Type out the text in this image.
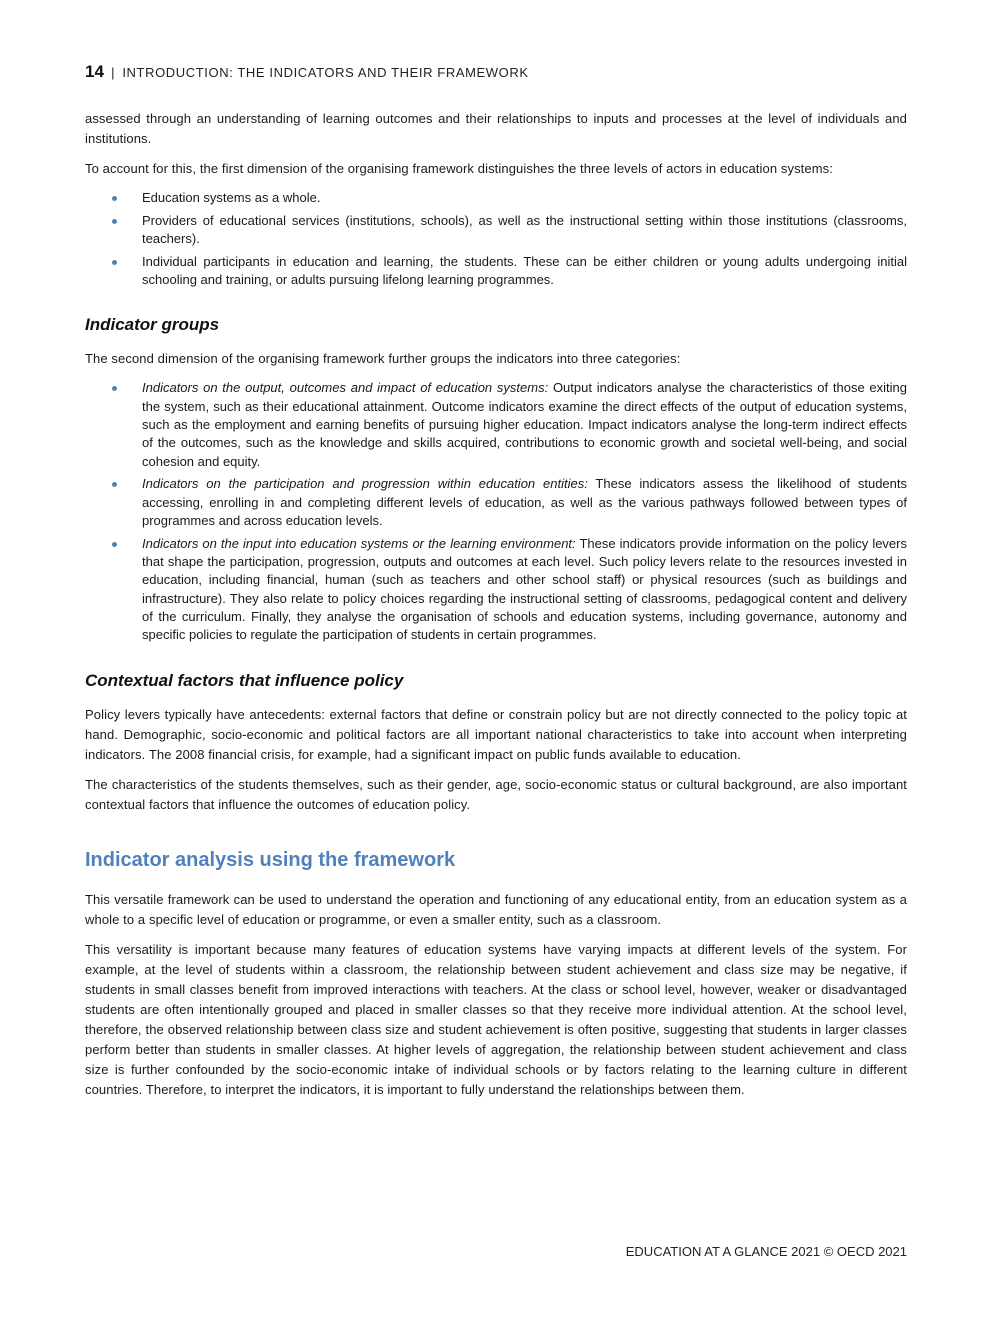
14 | INTRODUCTION: THE INDICATORS AND THEIR FRAMEWORK

assessed through an understanding of learning outcomes and their relationships to inputs and processes at the level of individuals and institutions.

To account for this, the first dimension of the organising framework distinguishes the three levels of actors in education systems:

Education systems as a whole.
Providers of educational services (institutions, schools), as well as the instructional setting within those institutions (classrooms, teachers).
Individual participants in education and learning, the students. These can be either children or young adults undergoing initial schooling and training, or adults pursuing lifelong learning programmes.
Indicator groups

The second dimension of the organising framework further groups the indicators into three categories:

Indicators on the output, outcomes and impact of education systems: Output indicators analyse the characteristics of those exiting the system, such as their educational attainment. Outcome indicators examine the direct effects of the output of education systems, such as the employment and earning benefits of pursuing higher education. Impact indicators analyse the long-term indirect effects of the outcomes, such as the knowledge and skills acquired, contributions to economic growth and societal well-being, and social cohesion and equity.
Indicators on the participation and progression within education entities: These indicators assess the likelihood of students accessing, enrolling in and completing different levels of education, as well as the various pathways followed between types of programmes and across education levels.
Indicators on the input into education systems or the learning environment: These indicators provide information on the policy levers that shape the participation, progression, outputs and outcomes at each level. Such policy levers relate to the resources invested in education, including financial, human (such as teachers and other school staff) or physical resources (such as buildings and infrastructure). They also relate to policy choices regarding the instructional setting of classrooms, pedagogical content and delivery of the curriculum. Finally, they analyse the organisation of schools and education systems, including governance, autonomy and specific policies to regulate the participation of students in certain programmes.
Contextual factors that influence policy

Policy levers typically have antecedents: external factors that define or constrain policy but are not directly connected to the policy topic at hand. Demographic, socio-economic and political factors are all important national characteristics to take into account when interpreting indicators. The 2008 financial crisis, for example, had a significant impact on public funds available to education.

The characteristics of the students themselves, such as their gender, age, socio-economic status or cultural background, are also important contextual factors that influence the outcomes of education policy.

Indicator analysis using the framework

This versatile framework can be used to understand the operation and functioning of any educational entity, from an education system as a whole to a specific level of education or programme, or even a smaller entity, such as a classroom.

This versatility is important because many features of education systems have varying impacts at different levels of the system. For example, at the level of students within a classroom, the relationship between student achievement and class size may be negative, if students in small classes benefit from improved interactions with teachers. At the class or school level, however, weaker or disadvantaged students are often intentionally grouped and placed in smaller classes so that they receive more individual attention. At the school level, therefore, the observed relationship between class size and student achievement is often positive, suggesting that students in larger classes perform better than students in smaller classes. At higher levels of aggregation, the relationship between student achievement and class size is further confounded by the socio-economic intake of individual schools or by factors relating to the learning culture in different countries. Therefore, to interpret the indicators, it is important to fully understand the relationships between them.

EDUCATION AT A GLANCE 2021 © OECD 2021
